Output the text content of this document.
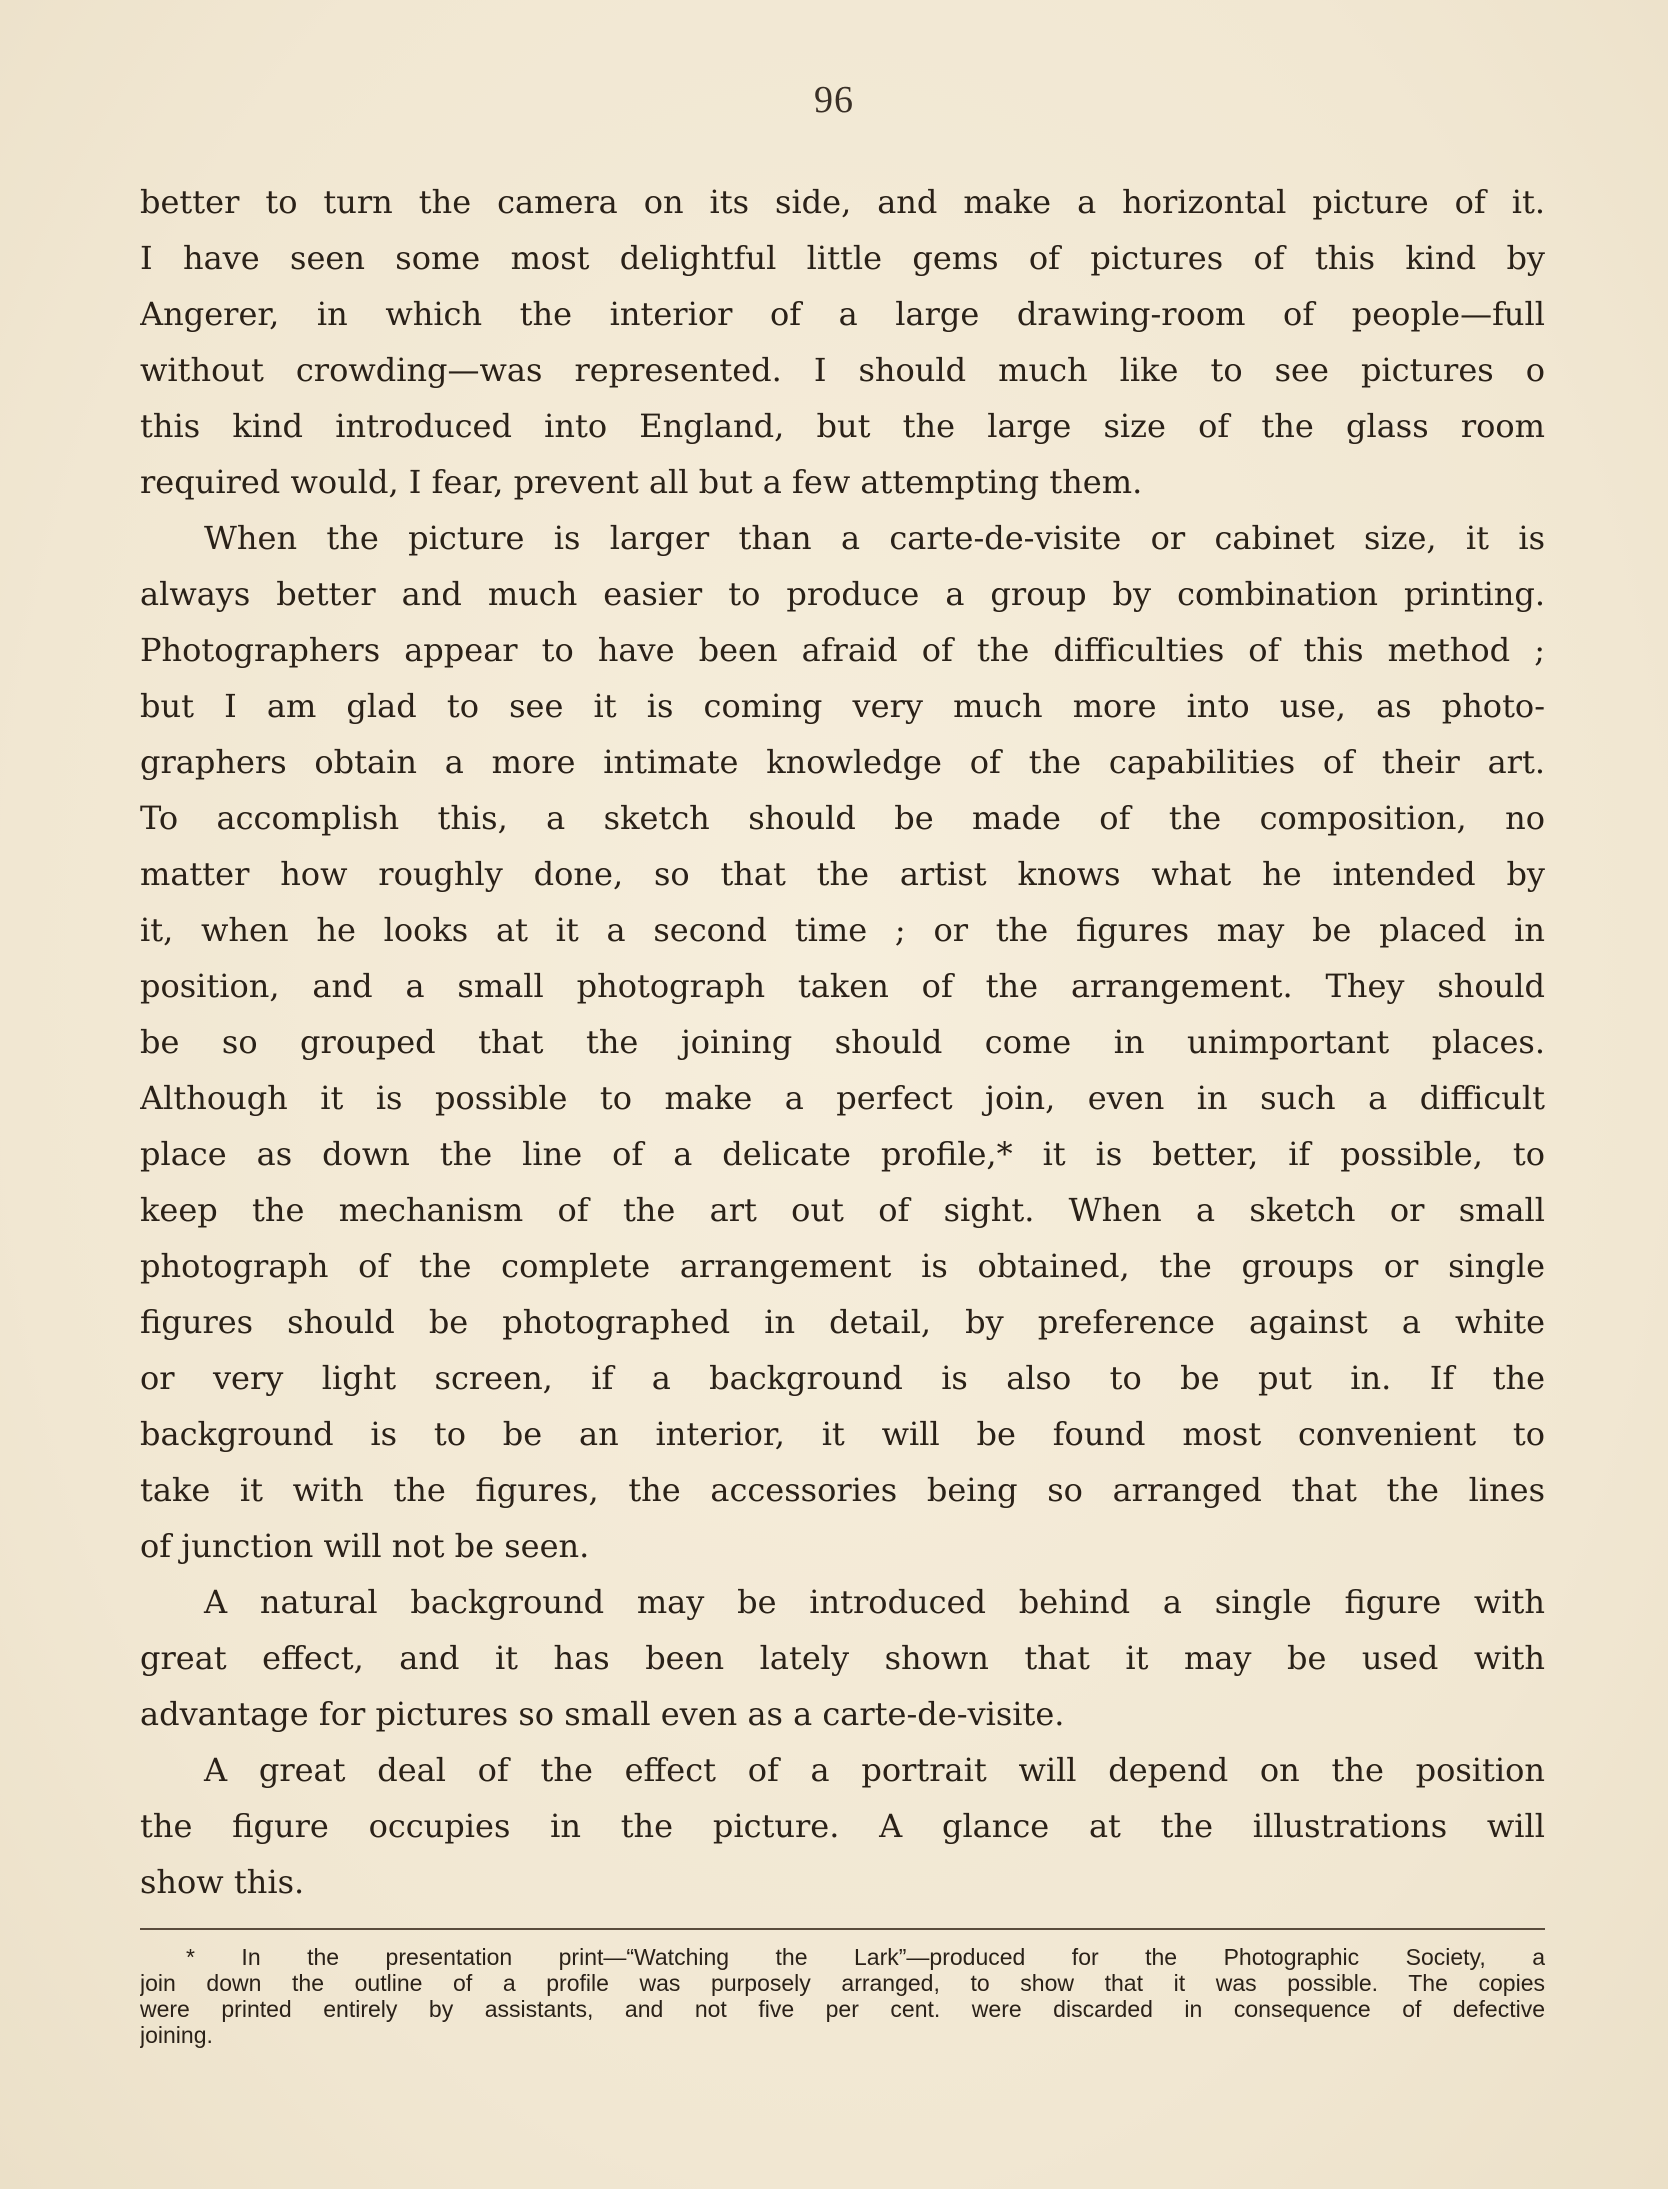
96
better to turn the camera on its side, and make a horizontal picture of it.
I have seen some most delightful little gems of pictures of this kind by
Angerer, in which the interior of a large drawing-room of people—full
without crowding—was represented. I should much like to see pictures o
this kind introduced into England, but the large size of the glass room
required would, I fear, prevent all but a few attempting them.
When the picture is larger than a carte-de-visite or cabinet size, it is
always better and much easier to produce a group by combination printing.
Photographers appear to have been afraid of the difficulties of this method ;
but I am glad to see it is coming very much more into use, as photo-
graphers obtain a more intimate knowledge of the capabilities of their art.
To accomplish this, a sketch should be made of the composition, no
matter how roughly done, so that the artist knows what he intended by
it, when he looks at it a second time ; or the figures may be placed in
position, and a small photograph taken of the arrangement. They should
be so grouped that the joining should come in unimportant places.
Although it is possible to make a perfect join, even in such a difficult
place as down the line of a delicate profile,* it is better, if possible, to
keep the mechanism of the art out of sight. When a sketch or small
photograph of the complete arrangement is obtained, the groups or single
figures should be photographed in detail, by preference against a white
or very light screen, if a background is also to be put in. If the
background is to be an interior, it will be found most convenient to
take it with the figures, the accessories being so arranged that the lines
of junction will not be seen.
A natural background may be introduced behind a single figure with
great effect, and it has been lately shown that it may be used with
advantage for pictures so small even as a carte-de-visite.
A great deal of the effect of a portrait will depend on the position
the figure occupies in the picture. A glance at the illustrations will
show this.
* In the presentation print—“Watching the Lark”—produced for the Photographic Society, a
join down the outline of a profile was purposely arranged, to show that it was possible. The copies
were printed entirely by assistants, and not five per cent. were discarded in consequence of defective
joining.
